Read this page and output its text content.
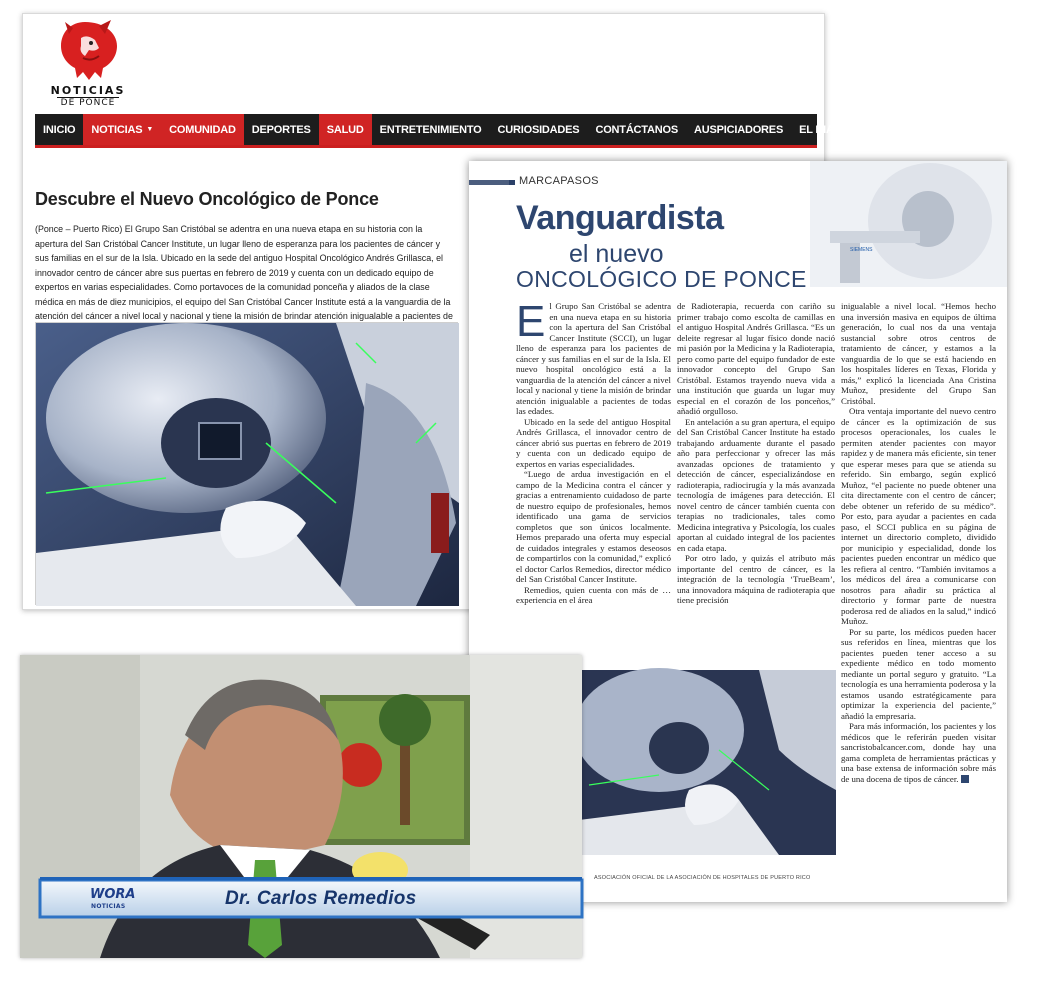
NOTICIAS
DE PONCE
INICIO NOTICIAS ▼ COMUNIDAD DEPORTES SALUD ENTRETENIMIENTO CURIOSIDADES CONTÁCTANOS AUSPICIADORES EL DIARIO GOOGLE
Descubre el Nuevo Oncológico de Ponce

(Ponce – Puerto Rico) El Grupo San Cristóbal se adentra en una nueva etapa en su historia con la apertura del San Cristóbal Cancer Institute, un lugar lleno de esperanza para los pacientes de cáncer y sus familias en el sur de la Isla. Ubicado en la sede del antiguo Hospital Oncológico Andrés Grillasca, el innovador centro de cáncer abre sus puertas en febrero de 2019 y cuenta con un dedicado equipo de expertos en varias especialidades. Como portavoces de la comunidad ponceña y aliados de la clase médica en más de diez municipios, el equipo del San Cristóbal Cancer Institute está a la vanguardia de la atención del cáncer a nivel local y nacional y tiene la misión de brindar atención inigualable a pacientes de

MARCAPASOS
Vanguardista
el nuevo
ONCOLÓGICO DE PONCE
SIEMENS
E l Grupo San Cristóbal se adentra en una nueva etapa en su historia con la apertura del San Cristóbal Cancer Institute (SCCI), un lugar lleno de esperanza para los pacientes de cáncer y sus familias en el sur de la Isla. El nuevo hospital oncológico está a la vanguardia de la atención del cáncer a nivel local y nacional y tiene la misión de brindar atención inigualable a pacientes de todas las edades.

Ubicado en la sede del antiguo Hospital Andrés Grillasca, el innovador centro de cáncer abrió sus puertas en febrero de 2019 y cuenta con un dedicado equipo de expertos en varias especialidades.

“Luego de ardua investigación en el campo de la Medicina contra el cáncer y gracias a entrenamiento cuidadoso de parte de nuestro equipo de profesionales, hemos identificado una gama de servicios completos que son únicos localmente. Hemos preparado una oferta muy especial de cuidados integrales y estamos deseosos de compartirlos con la comunidad,” explicó el doctor Carlos Remedios, director médico del San Cristóbal Cancer Institute.

Remedios, quien cuenta con más de … experiencia en el área

de Radioterapia, recuerda con cariño su primer trabajo como escolta de camillas en el antiguo Hospital Andrés Grillasca. “Es un deleite regresar al lugar físico donde nació mi pasión por la Medicina y la Radioterapia, pero como parte del equipo fundador de este innovador concepto del Grupo San Cristóbal. Estamos trayendo nueva vida a una institución que guarda un lugar muy especial en el corazón de los ponceños,” añadió orgulloso.

En antelación a su gran apertura, el equipo del San Cristóbal Cancer Institute ha estado trabajando arduamente durante el pasado año para perfeccionar y ofrecer las más avanzadas opciones de tratamiento y detección de cáncer, especializándose en radioterapia, radiocirugía y la más avanzada tecnología de imágenes para detección. El novel centro de cáncer también cuenta con terapias no tradicionales, tales como Medicina integrativa y Psicología, los cuales aportan al cuidado integral de los pacientes en cada etapa.

Por otro lado, y quizás el atributo más importante del centro de cáncer, es la integración de la tecnología ‘TrueBeam’, una innovadora máquina de radioterapia que tiene precisión

inigualable a nivel local. “Hemos hecho una inversión masiva en equipos de última generación, lo cual nos da una ventaja sustancial sobre otros centros de tratamiento de cáncer, y estamos a la vanguardia de lo que se está haciendo en los hospitales líderes en Texas, Florida y más,” explicó la licenciada Ana Cristina Muñoz, presidente del Grupo San Cristóbal.

Otra ventaja importante del nuevo centro de cáncer es la optimización de sus procesos operacionales, los cuales le permiten atender pacientes con mayor rapidez y de manera más eficiente, sin tener que esperar meses para que se atienda su referido. Sin embargo, según explicó Muñoz, “el paciente no puede obtener una cita directamente con el centro de cáncer; debe obtener un referido de su médico”. Por esto, para ayudar a pacientes en cada paso, el SCCI publica en su página de internet un directorio completo, dividido por municipio y especialidad, donde los pacientes pueden encontrar un médico que les refiera al centro. “También invitamos a los médicos del área a comunicarse con nosotros para añadir su práctica al directorio y formar parte de nuestra poderosa red de aliados en la salud,” indicó Muñoz.

Por su parte, los médicos pueden hacer sus referidos en línea, mientras que los pacientes pueden tener acceso a su expediente médico en todo momento mediante un portal seguro y gratuito. “La tecnología es una herramienta poderosa y la estamos usando estratégicamente para optimizar la experiencia del paciente,” añadió la empresaria.

Para más información, los pacientes y los médicos que le referirán pueden visitar sancristobalcancer.com, donde hay una gama completa de herramientas prácticas y una base extensa de información sobre más de una docena de tipos de cáncer.

ASOCIACIÓN OFICIAL DE LA ASOCIACIÓN DE HOSPITALES DE PUERTO RICO
WORA
NOTICIAS	Dr. Carlos Remedios
